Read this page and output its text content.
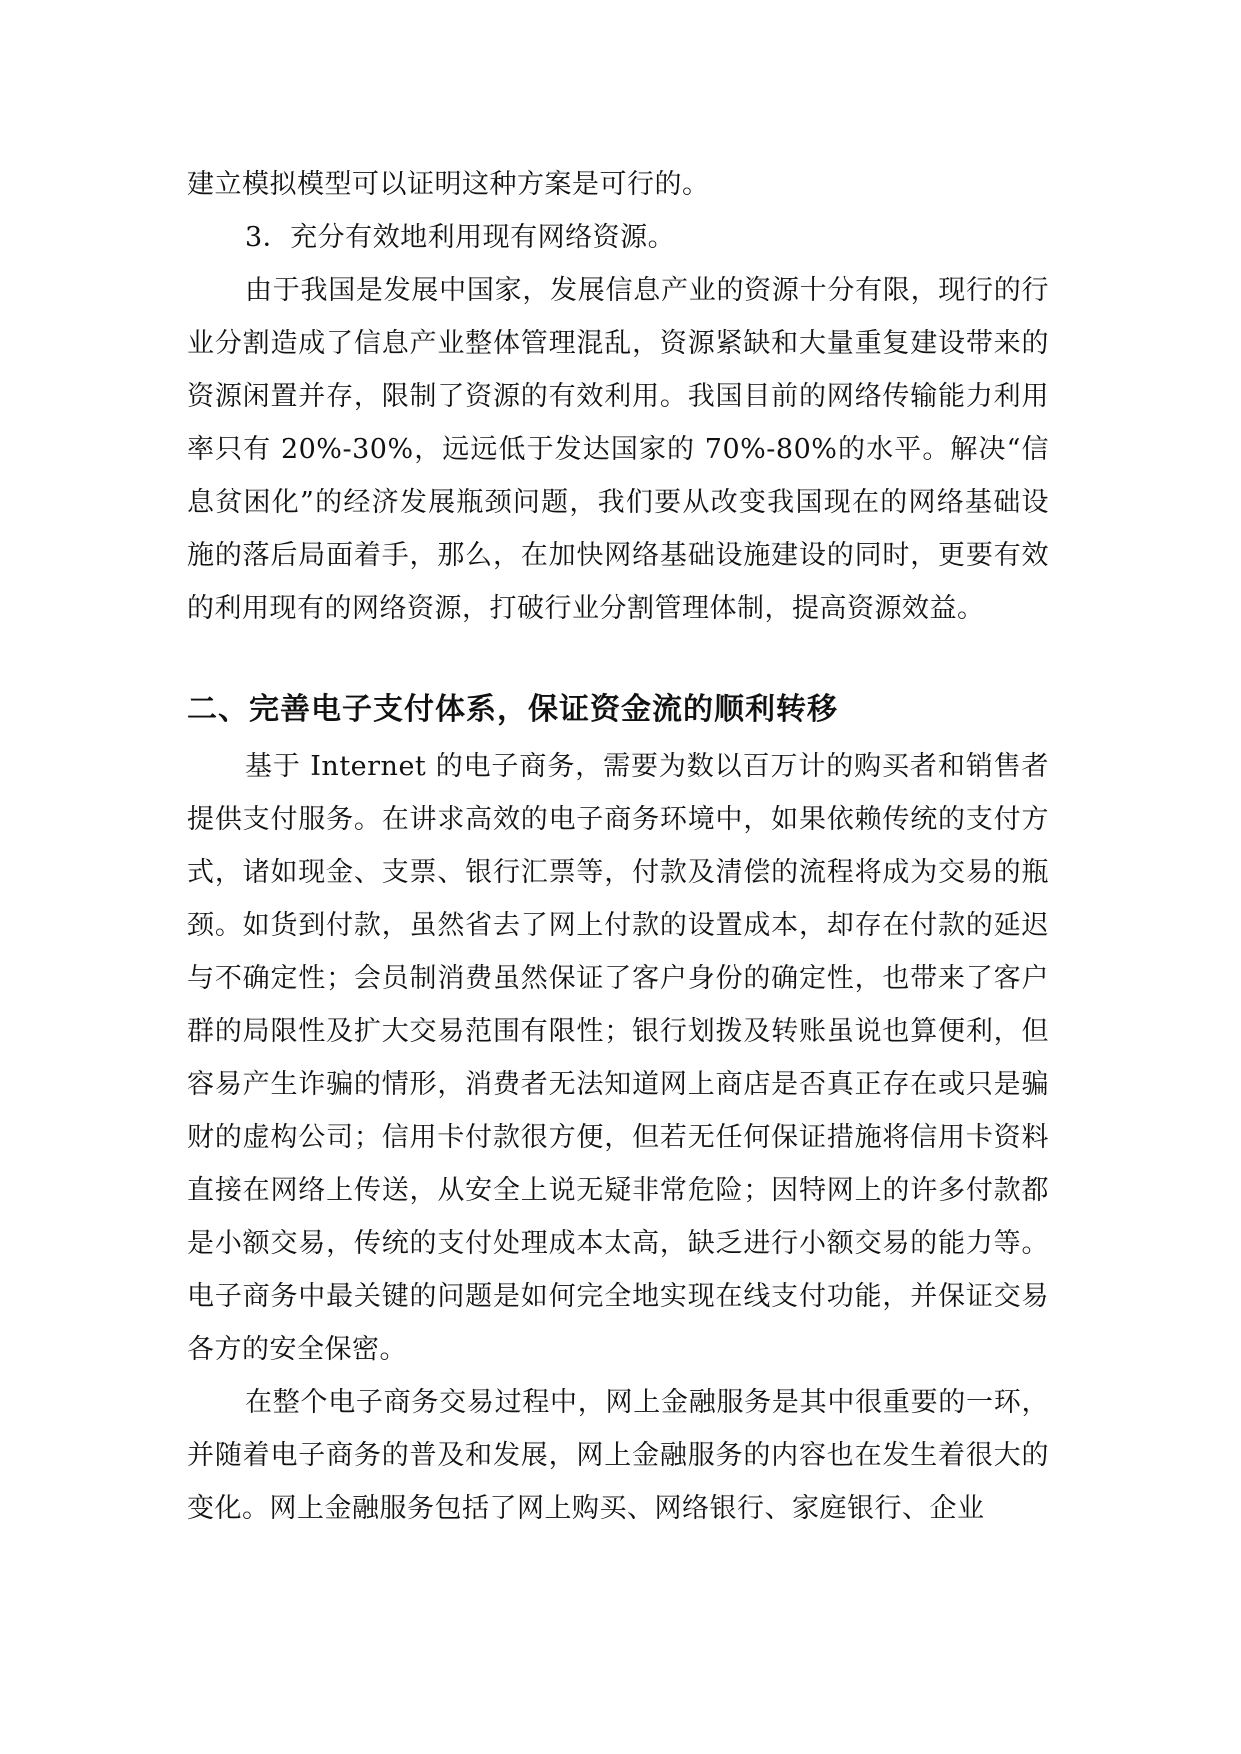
建立模拟模型可以证明这种方案是可行的。

3．充分有效地利用现有网络资源。

由于我国是发展中国家，发展信息产业的资源十分有限，现行的行业分割造成了信息产业整体管理混乱，资源紧缺和大量重复建设带来的资源闲置并存，限制了资源的有效利用。我国目前的网络传输能力利用率只有 20%-30%，远远低于发达国家的 70%-80%的水平。解决“信息贫困化”的经济发展瓶颈问题，我们要从改变我国现在的网络基础设施的落后局面着手，那么，在加快网络基础设施建设的同时，更要有效的利用现有的网络资源，打破行业分割管理体制，提高资源效益。

二、完善电子支付体系，保证资金流的顺利转移

基于 Internet 的电子商务，需要为数以百万计的购买者和销售者提供支付服务。在讲求高效的电子商务环境中，如果依赖传统的支付方式，诸如现金、支票、银行汇票等，付款及清偿的流程将成为交易的瓶颈。如货到付款，虽然省去了网上付款的设置成本，却存在付款的延迟与不确定性；会员制消费虽然保证了客户身份的确定性，也带来了客户群的局限性及扩大交易范围有限性；银行划拨及转账虽说也算便利，但容易产生诈骗的情形，消费者无法知道网上商店是否真正存在或只是骗财的虚构公司；信用卡付款很方便，但若无任何保证措施将信用卡资料直接在网络上传送，从安全上说无疑非常危险；因特网上的许多付款都是小额交易，传统的支付处理成本太高，缺乏进行小额交易的能力等。电子商务中最关键的问题是如何完全地实现在线支付功能，并保证交易各方的安全保密。

在整个电子商务交易过程中，网上金融服务是其中很重要的一环，并随着电子商务的普及和发展，网上金融服务的内容也在发生着很大的变化。网上金融服务包括了网上购买、网络银行、家庭银行、企业
